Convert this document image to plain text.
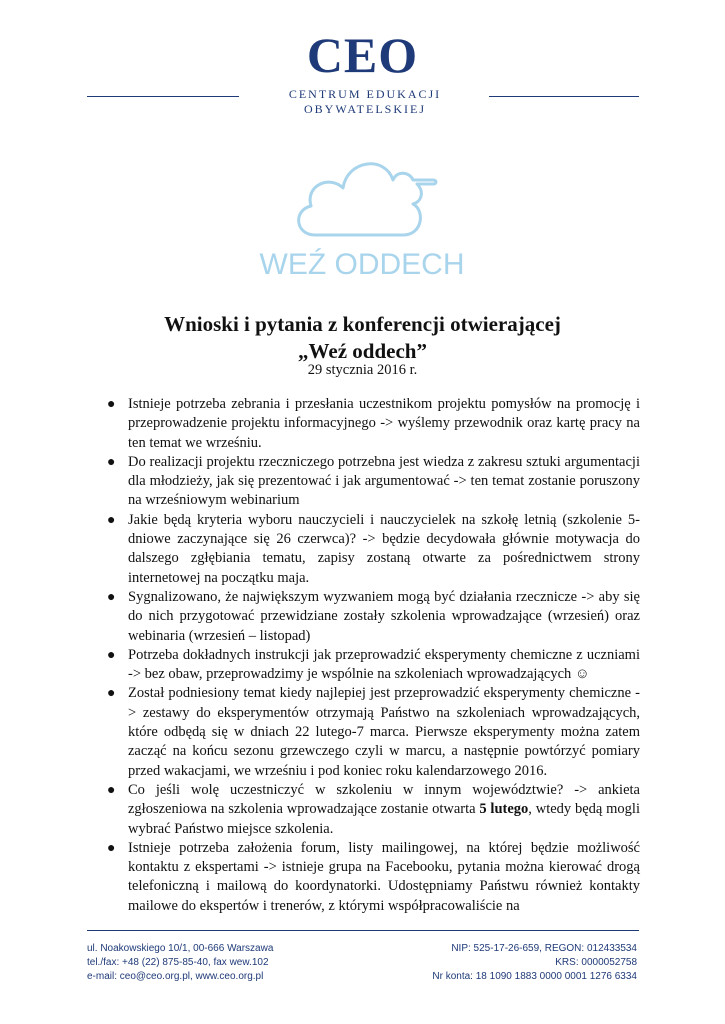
CEO
CENTRUM EDUKACJI OBYWATELSKIEJ
WEŹ ODDECH
Wnioski i pytania z konferencji otwierającej
„Weź oddech”
29 stycznia 2016 r.
● Istnieje potrzeba zebrania i przesłania uczestnikom projektu pomysłów na promocję i przeprowadzenie projektu informacyjnego -> wyślemy przewodnik oraz kartę pracy na ten temat we wrześniu.
● Do realizacji projektu rzeczniczego potrzebna jest wiedza z zakresu sztuki argumentacji dla młodzieży, jak się prezentować i jak argumentować -> ten temat zostanie poruszony na wrześniowym webinarium
● Jakie będą kryteria wyboru nauczycieli i nauczycielek na szkołę letnią (szkolenie 5-dniowe zaczynające się 26 czerwca)? -> będzie decydowała głównie motywacja do dalszego zgłębiania tematu, zapisy zostaną otwarte za pośrednictwem strony internetowej na początku maja.
● Sygnalizowano, że największym wyzwaniem mogą być działania rzecznicze -> aby się do nich przygotować przewidziane zostały szkolenia wprowadzające (wrzesień) oraz webinaria (wrzesień – listopad)
● Potrzeba dokładnych instrukcji jak przeprowadzić eksperymenty chemiczne z uczniami -> bez obaw, przeprowadzimy je wspólnie na szkoleniach wprowadzających ☺
● Został podniesiony temat kiedy najlepiej jest przeprowadzić eksperymenty chemiczne -> zestawy do eksperymentów otrzymają Państwo na szkoleniach wprowadzających, które odbędą się w dniach 22 lutego-7 marca. Pierwsze eksperymenty można zatem zacząć na końcu sezonu grzewczego czyli w marcu, a następnie powtórzyć pomiary przed wakacjami, we wrześniu i pod koniec roku kalendarzowego 2016.
● Co jeśli wolę uczestniczyć w szkoleniu w innym województwie? -> ankieta zgłoszeniowa na szkolenia wprowadzające zostanie otwarta 5 lutego, wtedy będą mogli wybrać Państwo miejsce szkolenia.
● Istnieje potrzeba założenia forum, listy mailingowej, na której będzie możliwość kontaktu z ekspertami -> istnieje grupa na Facebooku, pytania można kierować drogą telefoniczną i mailową do koordynatorki. Udostępniamy Państwu również kontakty mailowe do ekspertów i trenerów, z którymi współpracowaliście na
ul. Noakowskiego 10/1, 00-666 Warszawa
tel./fax: +48 (22) 875-85-40, fax wew.102
e-mail: ceo@ceo.org.pl, www.ceo.org.pl
NIP: 525-17-26-659, REGON: 012433534
KRS: 0000052758
Nr konta: 18 1090 1883 0000 0001 1276 6334
